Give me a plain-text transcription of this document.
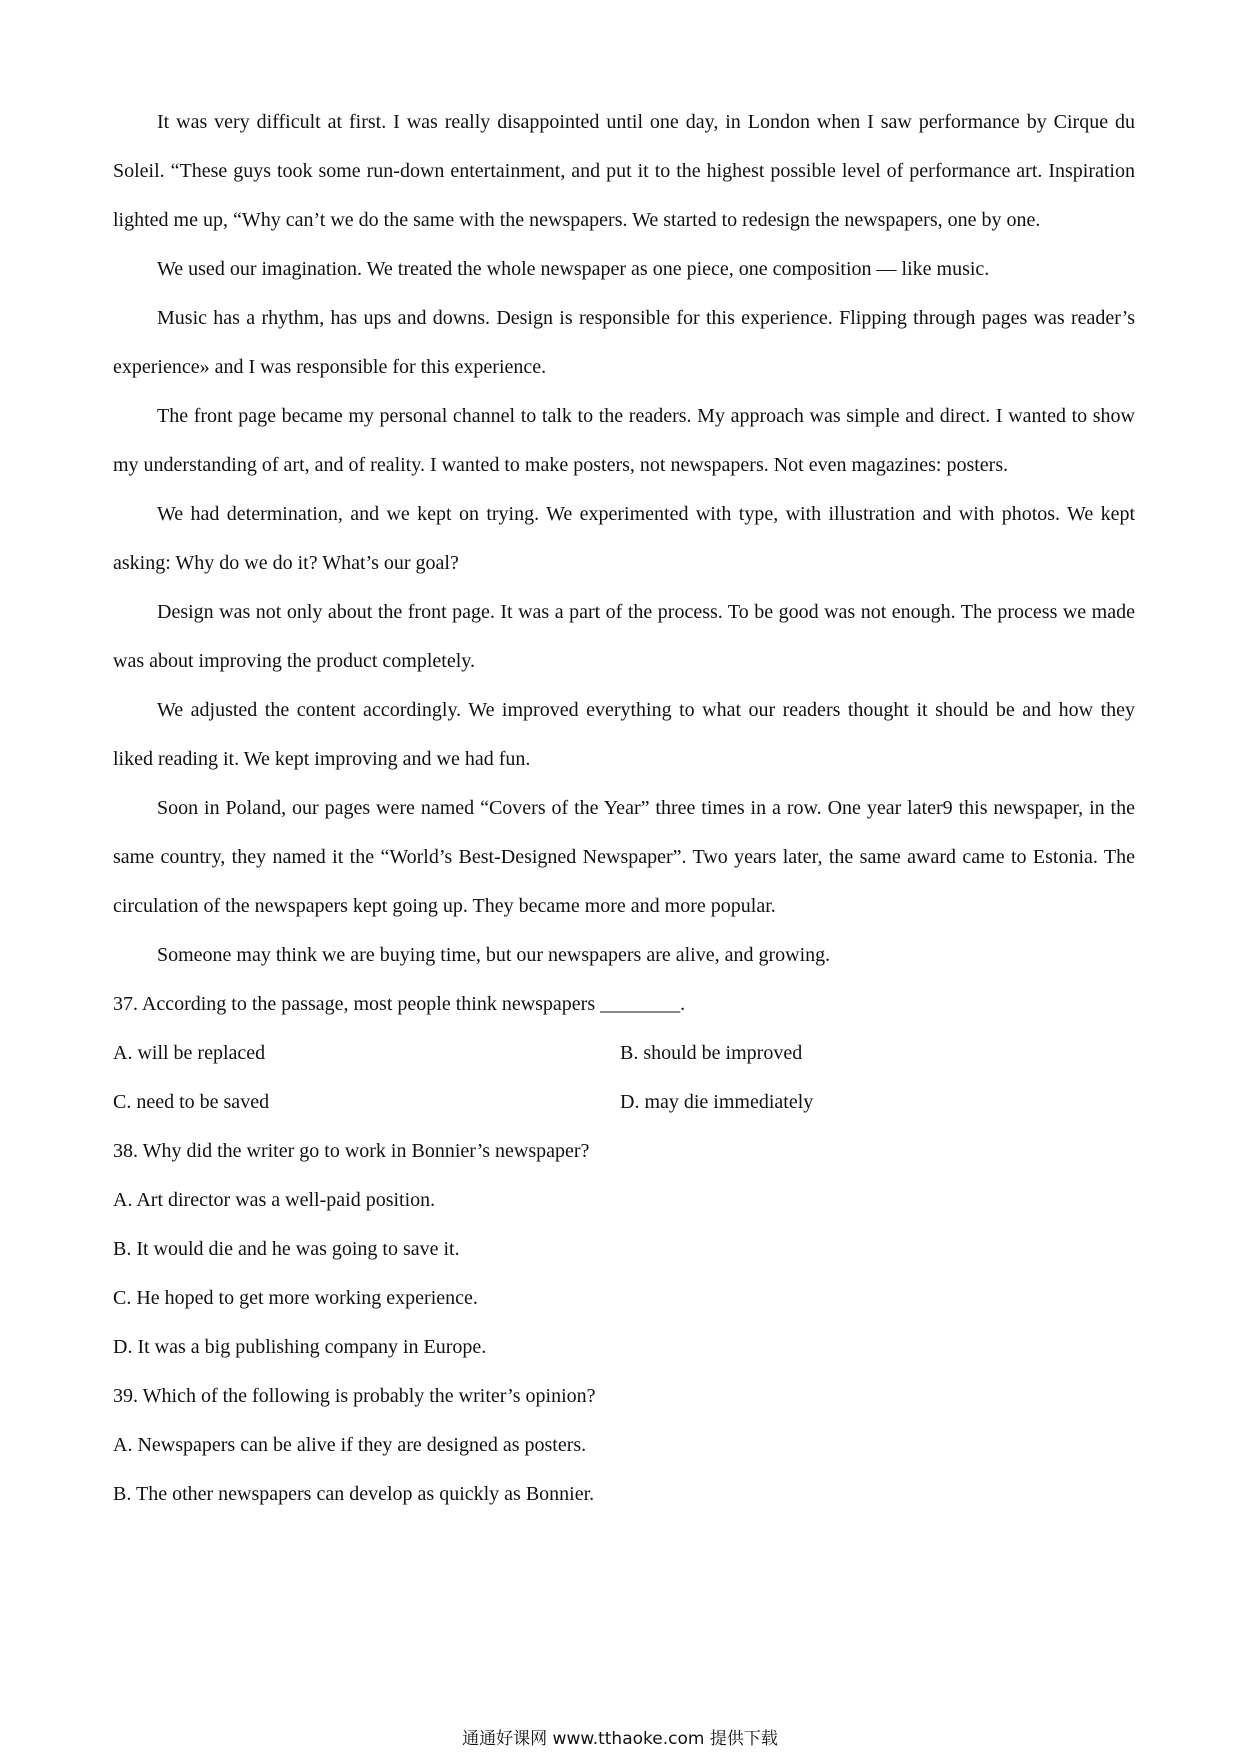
It was very difficult at first. I was really disappointed until one day, in London when I saw performance by Cirque du Soleil. “These guys took some run-down entertainment, and put it to the highest possible level of performance art. Inspiration lighted me up, “Why can’t we do the same with the newspapers. We started to redesign the newspapers, one by one.

We used our imagination. We treated the whole newspaper as one piece, one composition — like music.

Music has a rhythm, has ups and downs. Design is responsible for this experience. Flipping through pages was reader’s experience» and I was responsible for this experience.

The front page became my personal channel to talk to the readers. My approach was simple and direct. I wanted to show my understanding of art, and of reality. I wanted to make posters, not newspapers. Not even magazines: posters.

We had determination, and we kept on trying. We experimented with type, with illustration and with photos. We kept asking: Why do we do it? What’s our goal?

Design was not only about the front page. It was a part of the process. To be good was not enough. The process we made was about improving the product completely.

We adjusted the content accordingly. We improved everything to what our readers thought it should be and how they liked reading it. We kept improving and we had fun.

Soon in Poland, our pages were named “Covers of the Year” three times in a row. One year later9 this newspaper, in the same country, they named it the “World’s Best-Designed Newspaper”. Two years later, the same award came to Estonia. The circulation of the newspapers kept going up. They became more and more popular.

Someone may think we are buying time, but our newspapers are alive, and growing.

37. According to the passage, most people think newspapers ________.

A. will be replaced	B. should be improved
C. need to be saved	D. may die immediately

38. Why did the writer go to work in Bonnier’s newspaper?

A. Art director was a well-paid position.

B. It would die and he was going to save it.

C. He hoped to get more working experience.

D. It was a big publishing company in Europe.

39. Which of the following is probably the writer’s opinion?

A. Newspapers can be alive if they are designed as posters.

B. The other newspapers can develop as quickly as Bonnier.

通通好课网 www.tthaoke.com 提供下载
